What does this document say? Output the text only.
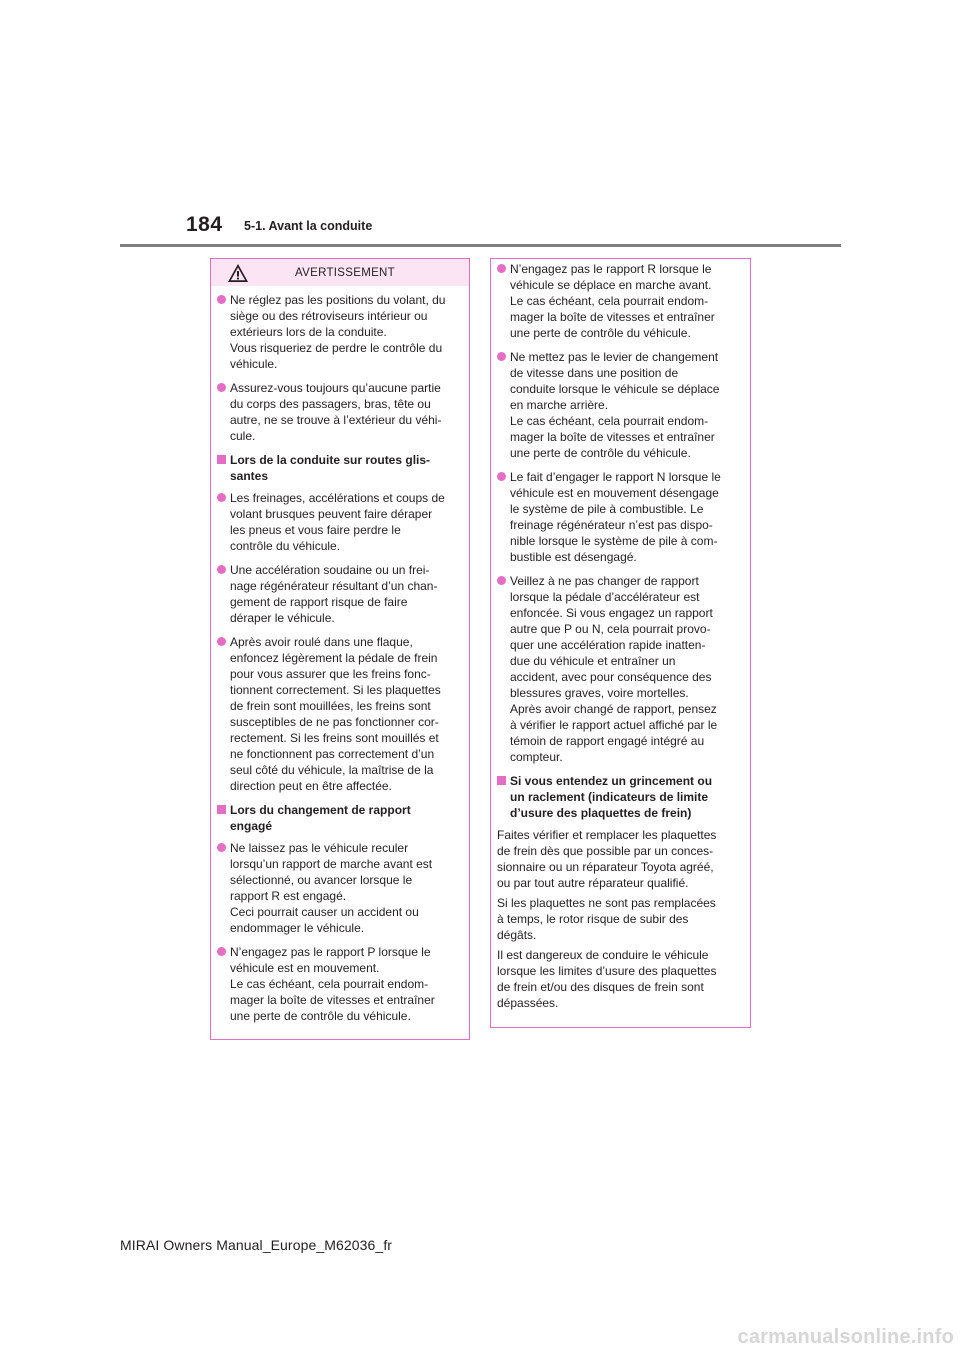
184 5-1. Avant la conduite
AVERTISSEMENT
Ne réglez pas les positions du volant, du
siège ou des rétroviseurs intérieur ou
extérieurs lors de la conduite.
Vous risqueriez de perdre le contrôle du
véhicule.
Assurez-vous toujours qu’aucune partie
du corps des passagers, bras, tête ou
autre, ne se trouve à l’extérieur du véhi-
cule.
Lors de la conduite sur routes glis-
santes
Les freinages, accélérations et coups de
volant brusques peuvent faire déraper
les pneus et vous faire perdre le
contrôle du véhicule.
Une accélération soudaine ou un frei-
nage régénérateur résultant d’un chan-
gement de rapport risque de faire
déraper le véhicule.
Après avoir roulé dans une flaque,
enfoncez légèrement la pédale de frein
pour vous assurer que les freins fonc-
tionnent correctement. Si les plaquettes
de frein sont mouillées, les freins sont
susceptibles de ne pas fonctionner cor-
rectement. Si les freins sont mouillés et
ne fonctionnent pas correctement d’un
seul côté du véhicule, la maîtrise de la
direction peut en être affectée.
Lors du changement de rapport
engagé
Ne laissez pas le véhicule reculer
lorsqu’un rapport de marche avant est
sélectionné, ou avancer lorsque le
rapport R est engagé.
Ceci pourrait causer un accident ou
endommager le véhicule.
N’engagez pas le rapport P lorsque le
véhicule est en mouvement.
Le cas échéant, cela pourrait endom-
mager la boîte de vitesses et entraîner
une perte de contrôle du véhicule.
N’engagez pas le rapport R lorsque le
véhicule se déplace en marche avant.
Le cas échéant, cela pourrait endom-
mager la boîte de vitesses et entraîner
une perte de contrôle du véhicule.
Ne mettez pas le levier de changement
de vitesse dans une position de
conduite lorsque le véhicule se déplace
en marche arrière.
Le cas échéant, cela pourrait endom-
mager la boîte de vitesses et entraîner
une perte de contrôle du véhicule.
Le fait d’engager le rapport N lorsque le
véhicule est en mouvement désengage
le système de pile à combustible. Le
freinage régénérateur n’est pas dispo-
nible lorsque le système de pile à com-
bustible est désengagé.
Veillez à ne pas changer de rapport
lorsque la pédale d’accélérateur est
enfoncée. Si vous engagez un rapport
autre que P ou N, cela pourrait provo-
quer une accélération rapide inatten-
due du véhicule et entraîner un
accident, avec pour conséquence des
blessures graves, voire mortelles.
Après avoir changé de rapport, pensez
à vérifier le rapport actuel affiché par le
témoin de rapport engagé intégré au
compteur.
Si vous entendez un grincement ou
un raclement (indicateurs de limite
d’usure des plaquettes de frein)
Faites vérifier et remplacer les plaquettes
de frein dès que possible par un conces-
sionnaire ou un réparateur Toyota agréé,
ou par tout autre réparateur qualifié.
Si les plaquettes ne sont pas remplacées
à temps, le rotor risque de subir des
dégâts.
Il est dangereux de conduire le véhicule
lorsque les limites d’usure des plaquettes
de frein et/ou des disques de frein sont
dépassées.
MIRAI Owners Manual_Europe_M62036_fr
carmanualsonline.info
